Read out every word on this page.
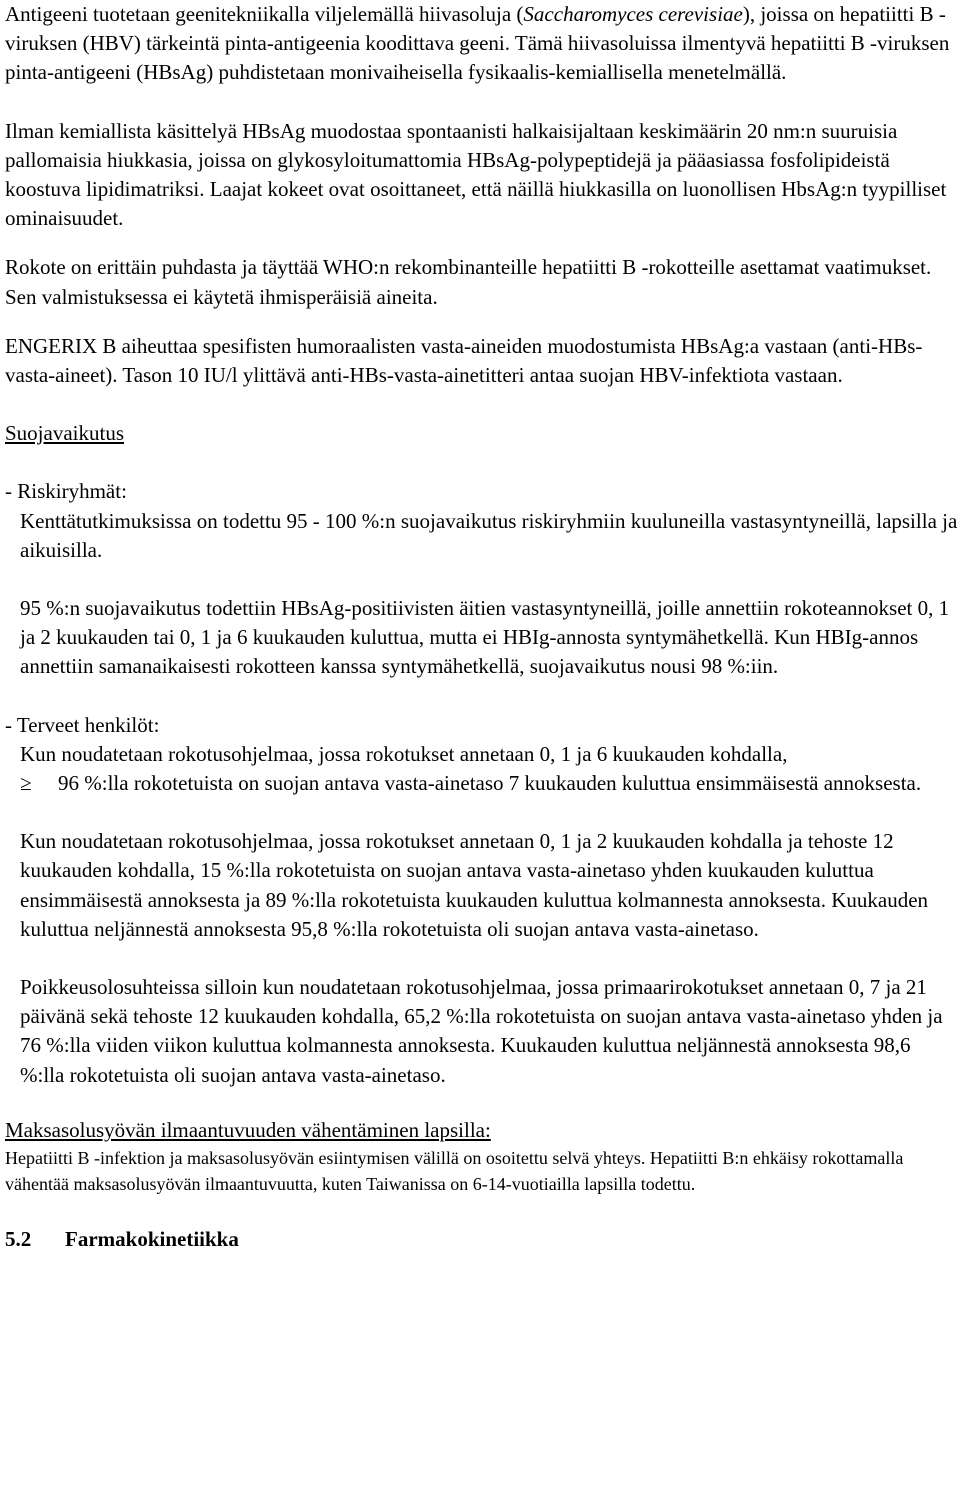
Antigeeni tuotetaan geenitekniikalla viljelemällä hiivasoluja (Saccharomyces cerevisiae), joissa on hepatiitti B -viruksen (HBV) tärkeintä pinta-antigeenia koodittava geeni. Tämä hiivasoluissa ilmentyvä hepatiitti B -viruksen pinta-antigeeni (HBsAg) puhdistetaan monivaiheisella fysikaalis-kemiallisella menetelmällä.

Ilman kemiallista käsittelyä HBsAg muodostaa spontaanisti halkaisijaltaan keskimäärin 20 nm:n suuruisia pallomaisia hiukkasia, joissa on glykosyloitumattomia HBsAg-polypeptidejä ja pääasiassa fosfolipideistä koostuva lipidimatriksi. Laajat kokeet ovat osoittaneet, että näillä hiukkasilla on luonollisen HbsAg:n tyypilliset ominaisuudet.

Rokote on erittäin puhdasta ja täyttää WHO:n rekombinanteille hepatiitti B -rokotteille asettamat vaatimukset. Sen valmistuksessa ei käytetä ihmisperäisiä aineita.

ENGERIX B aiheuttaa spesifisten humoraalisten vasta-aineiden muodostumista HBsAg:a vastaan (anti-HBs-vasta-aineet). Tason 10 IU/l ylittävä anti-HBs-vasta-ainetitteri antaa suojan HBV-infektiota vastaan.

Suojavaikutus

- Riskiryhmät:

Kenttätutkimuksissa on todettu 95 - 100 %:n suojavaikutus riskiryhmiin kuuluneilla vastasyntyneillä, lapsilla ja aikuisilla.

95 %:n suojavaikutus todettiin HBsAg-positiivisten äitien vastasyntyneillä, joille annettiin rokoteannokset 0, 1 ja 2 kuukauden tai 0, 1 ja 6 kuukauden kuluttua, mutta ei HBIg-annosta syntymähetkellä. Kun HBIg-annos annettiin samanaikaisesti rokotteen kanssa syntymähetkellä, suojavaikutus nousi 98 %:iin.

- Terveet henkilöt:

Kun noudatetaan rokotusohjelmaa, jossa rokotukset annetaan 0, 1 ja 6 kuukauden kohdalla,
≥ 96 %:lla rokotetuista on suojan antava vasta-ainetaso 7 kuukauden kuluttua ensimmäisestä annoksesta.

Kun noudatetaan rokotusohjelmaa, jossa rokotukset annetaan 0, 1 ja 2 kuukauden kohdalla ja tehoste 12 kuukauden kohdalla, 15 %:lla rokotetuista on suojan antava vasta-ainetaso yhden kuukauden kuluttua ensimmäisestä annoksesta ja 89 %:lla rokotetuista kuukauden kuluttua kolmannesta annoksesta. Kuukauden kuluttua neljännestä annoksesta 95,8 %:lla rokotetuista oli suojan antava vasta-ainetaso.

Poikkeusolosuhteissa silloin kun noudatetaan rokotusohjelmaa, jossa primaarirokotukset annetaan 0, 7 ja 21 päivänä sekä tehoste 12 kuukauden kohdalla, 65,2 %:lla rokotetuista on suojan antava vasta-ainetaso yhden ja 76 %:lla viiden viikon kuluttua kolmannesta annoksesta. Kuukauden kuluttua neljännestä annoksesta 98,6 %:lla rokotetuista oli suojan antava vasta-ainetaso.

Maksasolusyövän ilmaantuvuuden vähentäminen lapsilla:

Hepatiitti B -infektion ja maksasolusyövän esiintymisen välillä on osoitettu selvä yhteys. Hepatiitti B:n ehkäisy rokottamalla vähentää maksasolusyövän ilmaantuvuutta, kuten Taiwanissa on 6-14-vuotiailla lapsilla todettu.

5.2 Farmakokinetiikka
